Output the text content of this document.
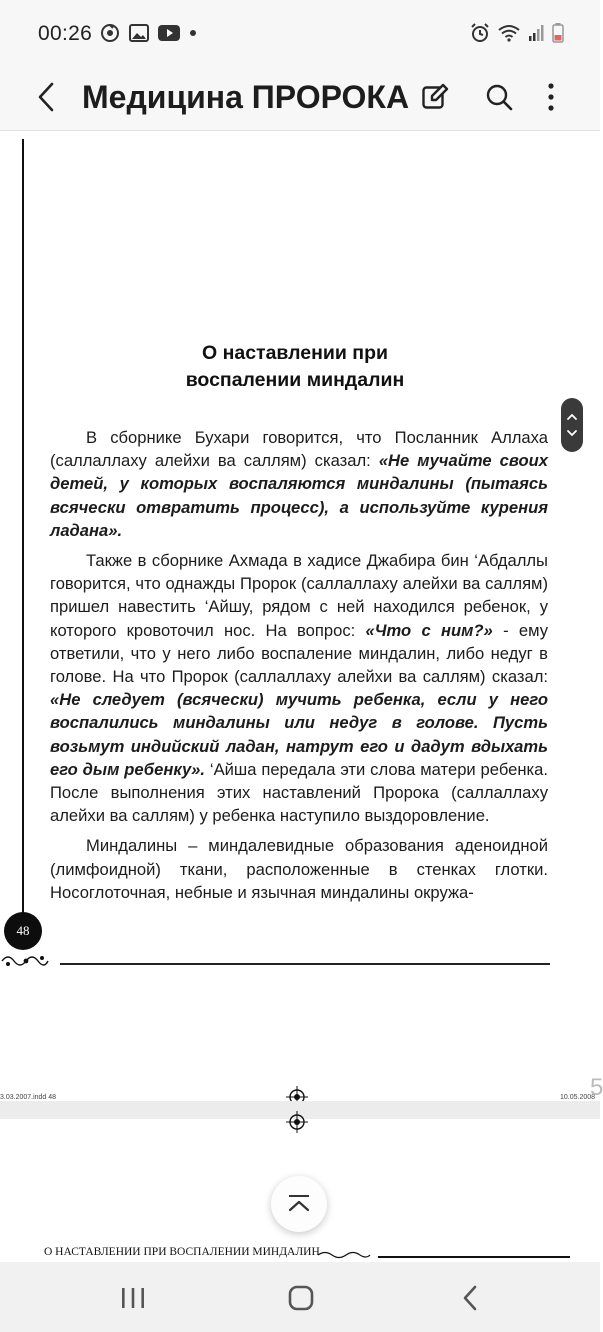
00:26
Медицина ПРОРОКА
О наставлении при
воспалении миндалин

В сборнике Бухари говорится, что Посланник Аллаха (саллаллаху алейхи ва саллям) сказал: «Не мучайте своих детей, у которых воспаляются миндалины (пытаясь всячески отвратить процесс), а используйте курения ладана».

Также в сборнике Ахмада в хадисе Джабира бин ‘Абдаллы говорится, что однажды Пророк (саллаллаху алейхи ва саллям) пришел навестить ‘Айшу, рядом с ней находился ребенок, у которого кровоточил нос. На вопрос: «Что с ним?» - ему ответили, что у него либо воспаление миндалин, либо недуг в голове. На что Пророк (саллаллаху алейхи ва саллям) сказал: «Не следует (всячески) мучить ребенка, если у него воспалились миндалины или недуг в голове. Пусть возьмут индийский ладан, натрут его и дадут вдыхать его дым ребенку». ‘Айша передала эти слова матери ребенка. После выполнения этих наставлений Пророка (саллаллаху алейхи ва саллям) у ребенка наступило выздоровление.

Миндалины – миндалевидные образования аденоидной (лимфоидной) ткани, расположенные в стенках глотки. Носоглоточная, небные и язычная миндалины окружа-

48
3.03.2007.indd 48	10.05.2008
5
О НАСТАВЛЕНИИ ПРИ ВОСПАЛЕНИИ МИНДАЛИН
